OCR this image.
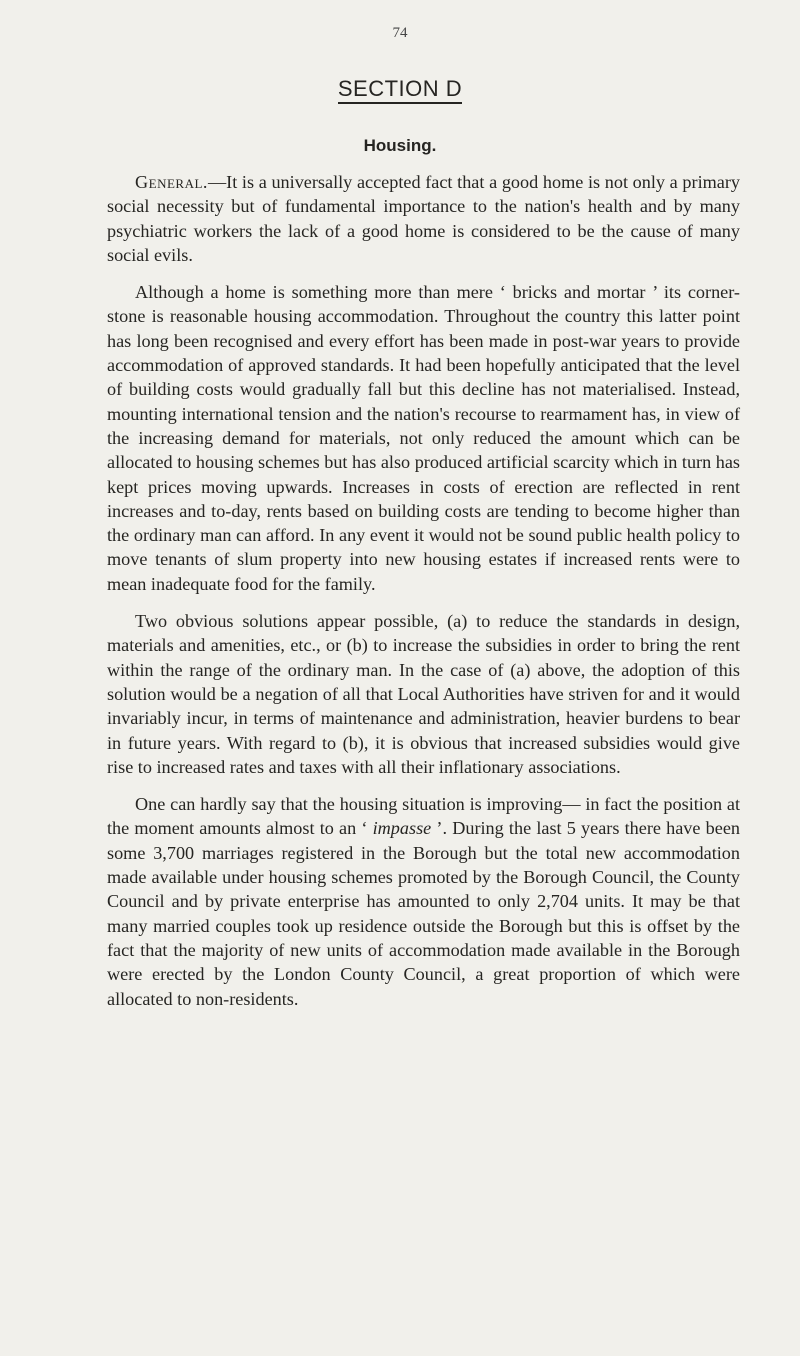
74
SECTION D
Housing.

General.—It is a universally accepted fact that a good home is not only a primary social necessity but of fundamental importance to the nation's health and by many psychiatric workers the lack of a good home is considered to be the cause of many social evils.

Although a home is something more than mere ‘ bricks and mortar ’ its corner-stone is reasonable housing accommodation. Throughout the country this latter point has long been recognised and every effort has been made in post-war years to provide accommodation of approved standards. It had been hopefully anticipated that the level of building costs would gradually fall but this decline has not materialised. Instead, mounting international tension and the nation's recourse to rearmament has, in view of the increasing demand for materials, not only reduced the amount which can be allocated to housing schemes but has also produced artificial scarcity which in turn has kept prices moving upwards. Increases in costs of erection are reflected in rent increases and to-day, rents based on building costs are tending to become higher than the ordinary man can afford. In any event it would not be sound public health policy to move tenants of slum property into new housing estates if increased rents were to mean inadequate food for the family.

Two obvious solutions appear possible, (a) to reduce the standards in design, materials and amenities, etc., or (b) to increase the subsidies in order to bring the rent within the range of the ordinary man. In the case of (a) above, the adoption of this solution would be a negation of all that Local Authorities have striven for and it would invariably incur, in terms of maintenance and administration, heavier burdens to bear in future years. With regard to (b), it is obvious that increased subsidies would give rise to increased rates and taxes with all their inflationary associations.

One can hardly say that the housing situation is improving— in fact the position at the moment amounts almost to an ‘ impasse ’. During the last 5 years there have been some 3,700 marriages registered in the Borough but the total new accommodation made available under housing schemes promoted by the Borough Council, the County Council and by private enterprise has amounted to only 2,704 units. It may be that many married couples took up residence outside the Borough but this is offset by the fact that the majority of new units of accommodation made available in the Borough were erected by the London County Council, a great proportion of which were allocated to non-residents.
